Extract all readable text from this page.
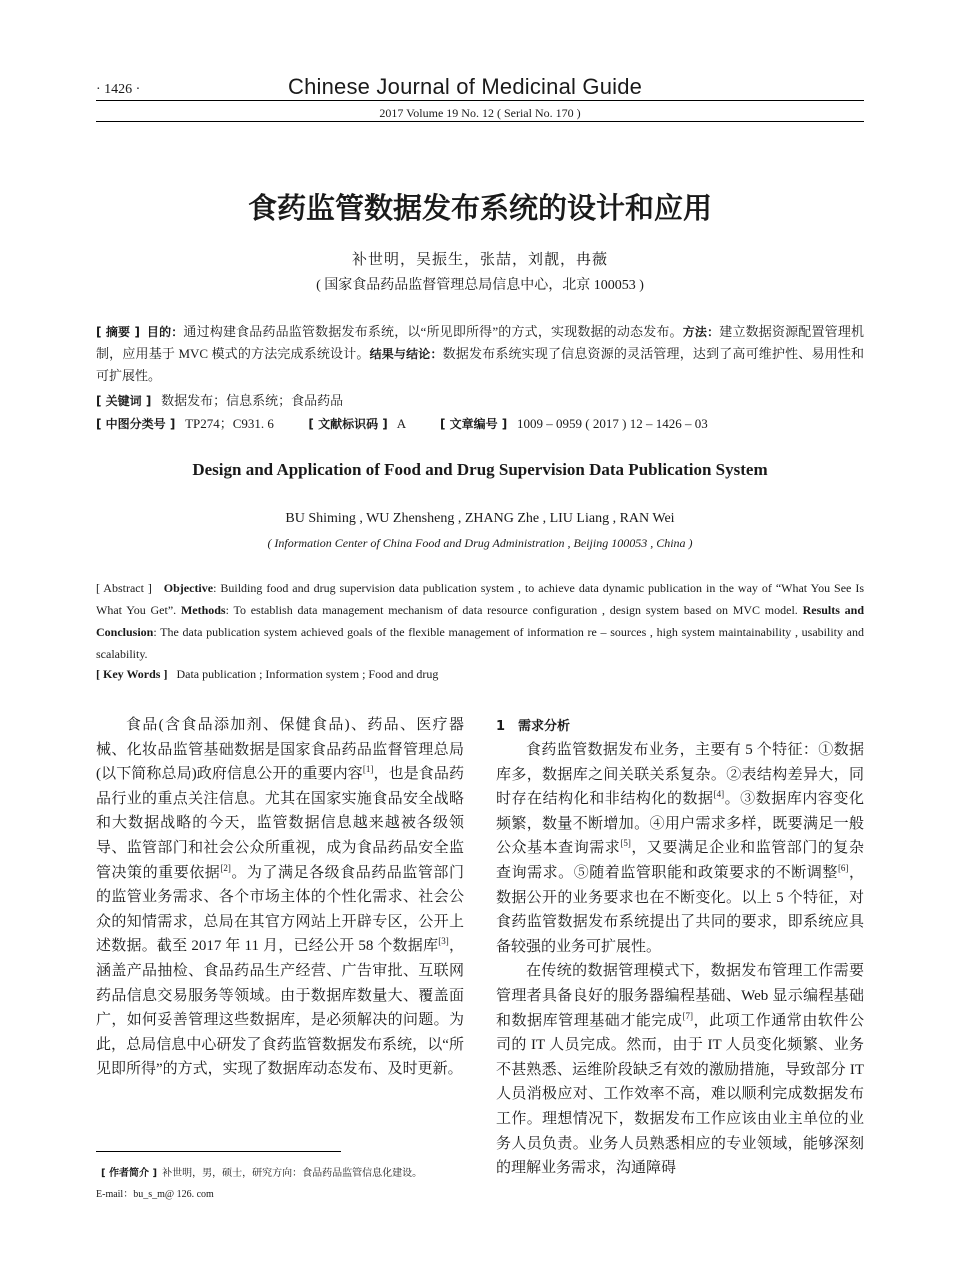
· 1426 ·	Chinese Journal of Medicinal Guide
2017 Volume 19 No. 12 ( Serial No. 170 )
食药监管数据发布系统的设计和应用
补世明，吴振生，张喆，刘靓，冉薇
( 国家食品药品监督管理总局信息中心，北京 100053 )
[ 摘要 ] 目的：通过构建食品药品监管数据发布系统，以“所见即所得”的方式，实现数据的动态发布。方法：建立数据资源配置管理机制，应用基于 MVC 模式的方法完成系统设计。结果与结论：数据发布系统实现了信息资源的灵活管理，达到了高可维护性、易用性和可扩展性。
[ 关键词 ] 数据发布；信息系统；食品药品
[ 中图分类号 ] TP274；C931. 6	[ 文献标识码 ] A	[ 文章编号 ] 1009 – 0959 ( 2017 ) 12 – 1426 – 03
Design and Application of Food and Drug Supervision Data Publication System
BU Shiming , WU Zhensheng , ZHANG Zhe , LIU Liang , RAN Wei
( Information Center of China Food and Drug Administration , Beijing 100053 , China )
[ Abstract ] Objective: Building food and drug supervision data publication system , to achieve data dynamic publication in the way of “What You See Is What You Get”. Methods: To establish data management mechanism of data resource configuration , design system based on MVC model. Results and Conclusion: The data publication system achieved goals of the flexible management of information re – sources , high system maintainability , usability and scalability.
[ Key Words ] Data publication ; Information system ; Food and drug

食品(含食品添加剂、保健食品)、药品、医疗器械、化妆品监管基础数据是国家食品药品监督管理总局(以下简称总局)政府信息公开的重要内容[1]，也是食品药品行业的重点关注信息。尤其在国家实施食品安全战略和大数据战略的今天，监管数据信息越来越被各级领导、监管部门和社会公众所重视，成为食品药品安全监管决策的重要依据[2]。为了满足各级食品药品监管部门的监管业务需求、各个市场主体的个性化需求、社会公众的知情需求，总局在其官方网站上开辟专区，公开上述数据。截至 2017 年 11 月，已经公开 58 个数据库[3]，涵盖产品抽检、食品药品生产经营、广告审批、互联网药品信息交易服务等领域。由于数据库数量大、覆盖面广，如何妥善管理这些数据库，是必须解决的问题。为此，总局信息中心研发了食药监管数据发布系统，以“所见即所得”的方式，实现了数据库动态发布、及时更新。

1　需求分析

食药监管数据发布业务，主要有 5 个特征：①数据库多，数据库之间关联关系复杂。②表结构差异大，同时存在结构化和非结构化的数据[4]。③数据库内容变化频繁，数量不断增加。④用户需求多样，既要满足一般公众基本查询需求[5]，又要满足企业和监管部门的复杂查询需求。⑤随着监管职能和政策要求的不断调整[6]，数据公开的业务要求也在不断变化。以上 5 个特征，对食药监管数据发布系统提出了共同的要求，即系统应具备较强的业务可扩展性。

在传统的数据管理模式下，数据发布管理工作需要管理者具备良好的服务器编程基础、Web 显示编程基础和数据库管理基础才能完成[7]，此项工作通常由软件公司的 IT 人员完成。然而，由于 IT 人员变化频繁、业务不甚熟悉、运维阶段缺乏有效的激励措施，导致部分 IT 人员消极应对、工作效率不高，难以顺利完成数据发布工作。理想情况下，数据发布工作应该由业主单位的业务人员负责。业务人员熟悉相应的专业领域，能够深刻的理解业务需求，沟通障碍

[ 作者简介 ] 补世明，男，硕士，研究方向：食品药品监管信息化建设。
E-mail：bu_s_m@ 126. com
